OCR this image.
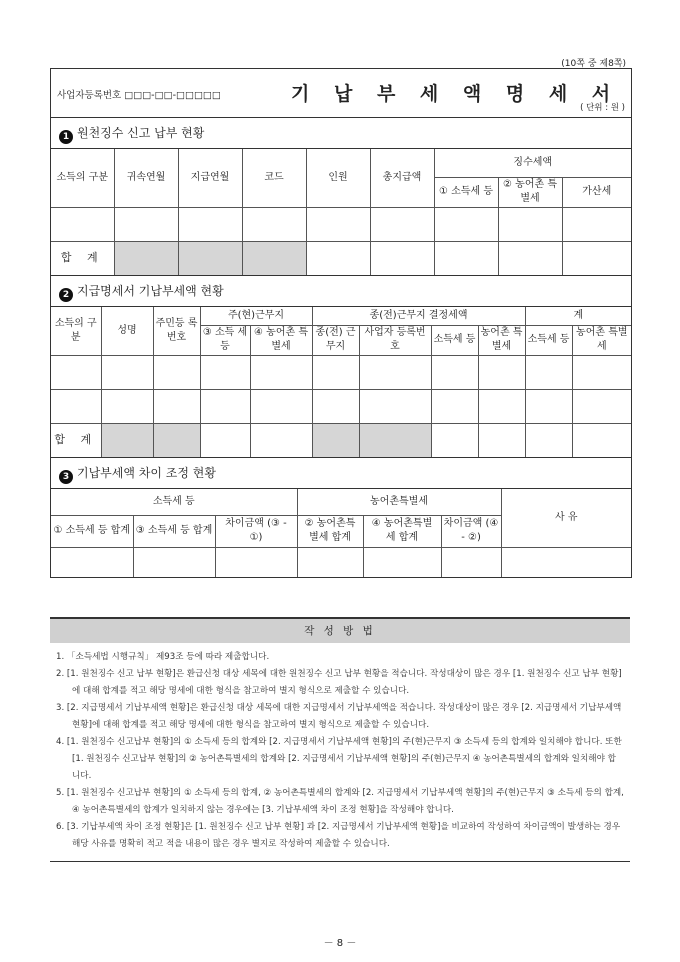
(10쪽 중 제8쪽)
사업자등록번호 □□□-□□-□□□□□	기 납 부 세 액 명 세 서
( 단위 : 원 )
1 원천징수 신고 납부 현황
소득의 구분	귀속연월	지급연월	코드	인원	총지급액	징수세액		
						① 소득세 등	② 농어촌 특별세	가산세

합 계								
2 지급명세서 기납부세액 현황
소득의 구분	성명	주민등 록번호	주(현)근무지		종(전)근무지 결정세액				계	
			③ 소득 세 등	④ 농어촌 특별세	종(전) 근무지	사업자 등록번호	소득세 등	농어촌 특별세	소득세 등	농어촌 특별세

합 계										
3 기납부세액 차이 조정 현황
소득세 등			농어촌특별세			사 유
① 소득세 등 합계	③ 소득세 등 합계	차이금액 (③ - ①)	② 농어촌특 별세 합계	④ 농어촌특별 세 합계	차이금액 (④ - ②)	

작 성 방 법
1. 「소득세법 시행규칙」 제93조 등에 따라 제출합니다.
2. [1. 원천징수 신고 납부 현황]은 환급신청 대상 세목에 대한 원천징수 신고 납부 현황을 적습니다. 작성대상이 많은 경우 [1. 원천징수 신고 납부 현황]에 대해 합계를 적고 해당 명세에 대한 형식을 참고하여 별지 형식으로 제출할 수 있습니다.
3. [2. 지급명세서 기납부세액 현황]은 환급신청 대상 세목에 대한 지급명세서 기납부세액을 적습니다. 작성대상이 많은 경우 [2. 지급명세서 기납부세액 현황]에 대해 합계를 적고 해당 명세에 대한 형식을 참고하여 별지 형식으로 제출할 수 있습니다.
4. [1. 원천징수 신고납부 현황]의 ① 소득세 등의 합계와 [2. 지급명세서 기납부세액 현황]의 주(현)근무지 ③ 소득세 등의 합계와 일치해야 합니다. 또한 [1. 원천징수 신고납부 현황]의 ② 농어촌특별세의 합계와 [2. 지급명세서 기납부세액 현황]의 주(현)근무지 ④ 농어촌특별세의 합계와 일치해야 합니다.
5. [1. 원천징수 신고납부 현황]의 ① 소득세 등의 합계, ② 농어촌특별세의 합계와 [2. 지급명세서 기납부세액 현황]의 주(현)근무지 ③ 소득세 등의 합계, ④ 농어촌특별세의 합계가 일치하지 않는 경우에는 [3. 기납부세액 차이 조정 현황]을 작성해야 합니다.
6. [3. 기납부세액 차이 조정 현황]은 [1. 원천징수 신고 납부 현황] 과 [2. 지급명세서 기납부세액 현황]을 비교하여 작성하여 차이금액이 발생하는 경우 해당 사유를 명확히 적고 적을 내용이 많은 경우 별지로 작성하여 제출할 수 있습니다.
－ 8 －
